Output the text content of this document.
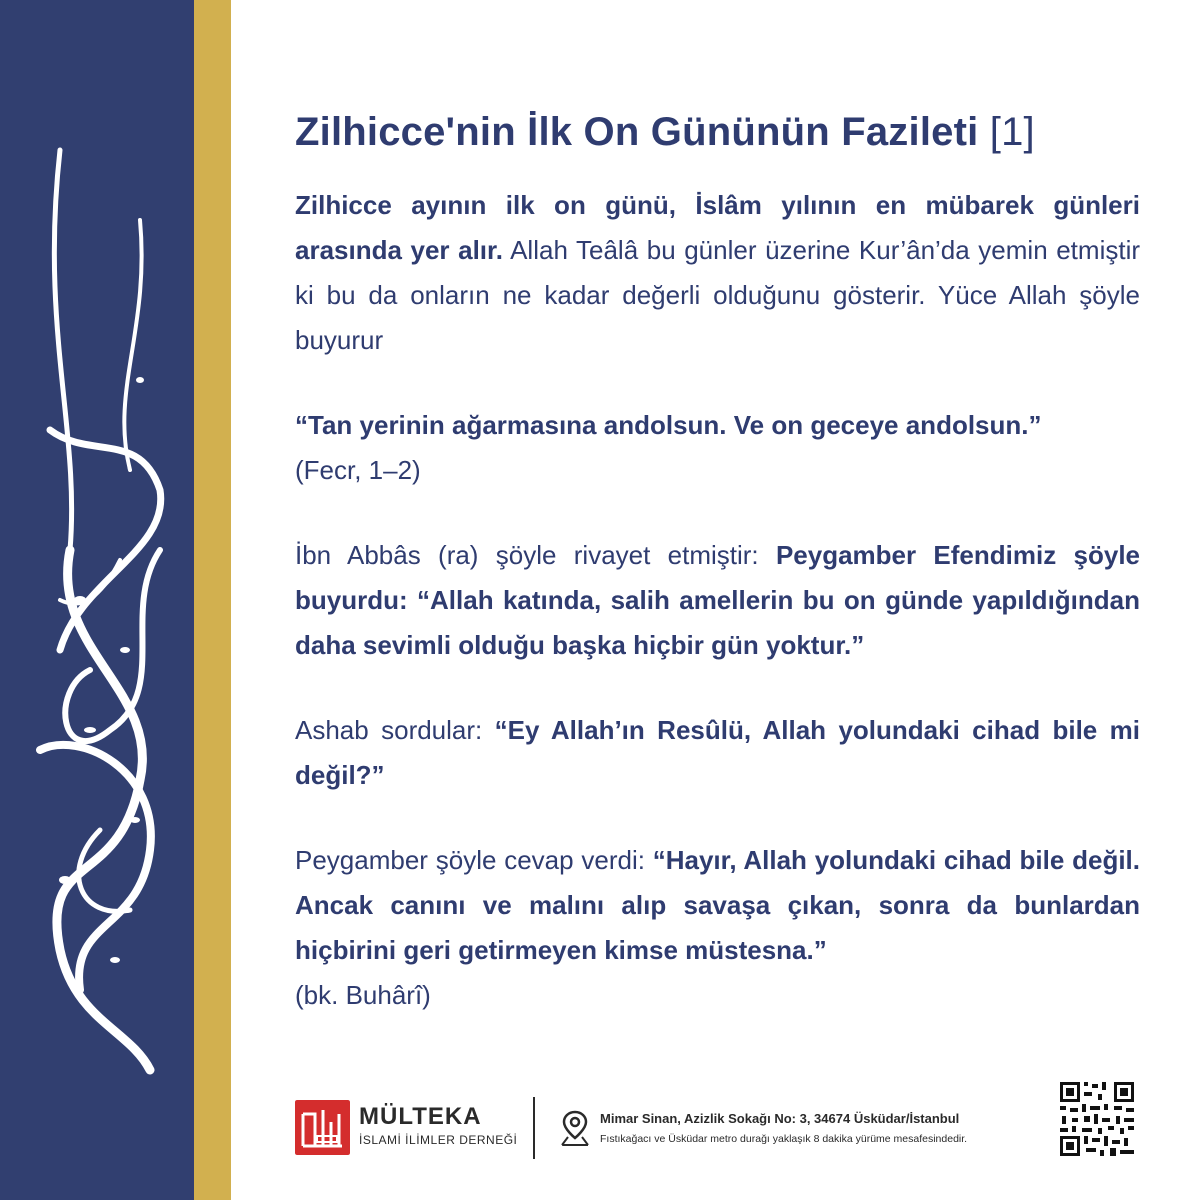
Zilhicce'nin İlk On Gününün Fazileti [1]

Zilhicce ayının ilk on günü, İslâm yılının en mübarek günleri arasında yer alır. Allah Teâlâ bu günler üzerine Kur’ân’da yemin etmiştir ki bu da onların ne kadar değerli olduğunu gösterir. Yüce Allah şöyle buyurur

“Tan yerinin ağarmasına andolsun. Ve on geceye andolsun.”
(Fecr, 1–2)

İbn Abbâs (ra) şöyle rivayet etmiştir: Peygamber Efendimiz şöyle buyurdu: “Allah katında, salih amellerin bu on günde yapıldığından daha sevimli olduğu başka hiçbir gün yoktur.”

Ashab sordular: “Ey Allah’ın Resûlü, Allah yolundaki cihad bile mi değil?”

Peygamber şöyle cevap verdi: “Hayır, Allah yolundaki cihad bile değil. Ancak canını ve malını alıp savaşa çıkan, sonra da bunlardan hiçbirini geri getirmeyen kimse müstesna.”
(bk. Buhârî)

MÜLTEKA
İSLAMİ İLİMLER DERNEĞİ
Mimar Sinan, Azizlik Sokağı No: 3, 34674 Üsküdar/İstanbul
Fıstıkağacı ve Üsküdar metro durağı yaklaşık 8 dakika yürüme mesafesindedir.
